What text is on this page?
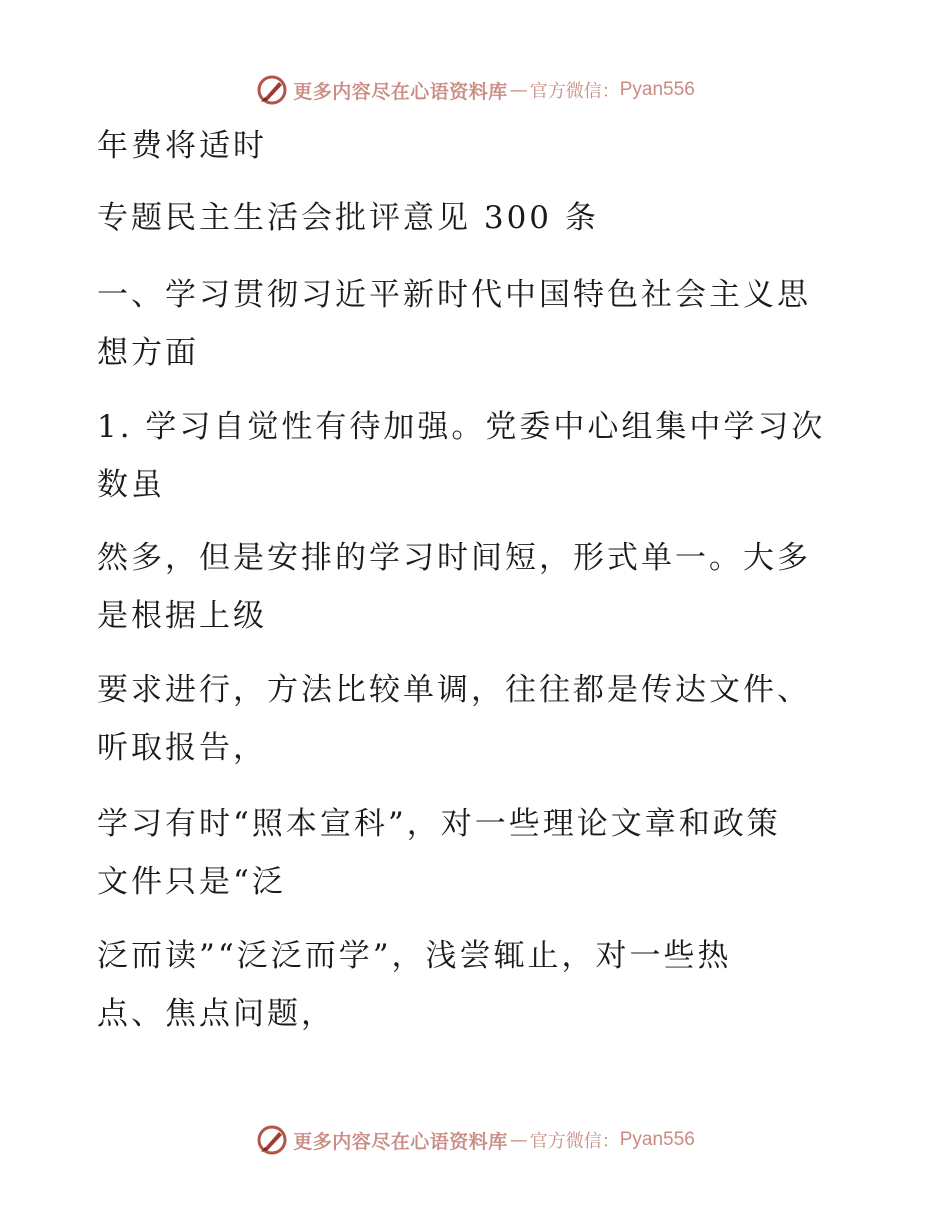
更多内容尽在心语资料库 — 官方微信： Pyan556
年费将适时
专题民主生活会批评意见 300 条
一、学习贯彻习近平新时代中国特色社会主义思
想方面
1. 学习自觉性有待加强。党委中心组集中学习次
数虽
然多，但是安排的学习时间短，形式单一。大多
是根据上级
要求进行，方法比较单调，往往都是传达文件、
听取报告，
学习有时“照本宣科”，对一些理论文章和政策
文件只是“泛
泛而读”“泛泛而学”，浅尝辄止，对一些热
点、焦点问题，
更多内容尽在心语资料库 — 官方微信： Pyan556
